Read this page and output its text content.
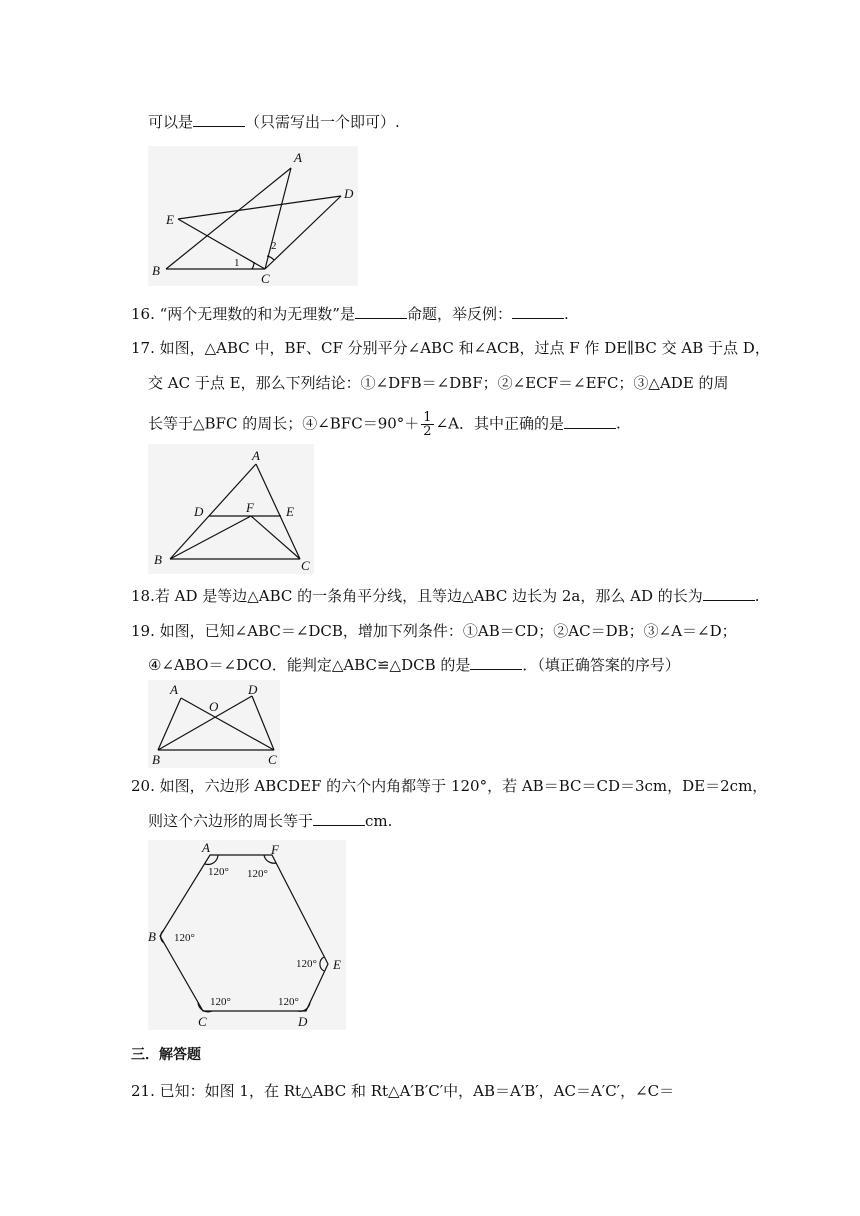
可以是	（只需写出一个即可）.
A
D
E
B
C
1
2
16. “两个无理数的和为无理数”是	命题，举反例：	.
17. 如图，△ABC 中，BF、CF 分别平分∠ABC 和∠ACB，过点 F 作 DE∥BC 交 AB 于点 D，
交 AC 于点 E，那么下列结论：①∠DFB＝∠DBF；②∠ECF＝∠EFC；③△ADE 的周
长等于△BFC 的周长；④∠BFC＝90°＋ $\frac{1}{2}$ ∠A．其中正确的是	.
A
D	F E
B	C
18.若 AD 是等边△ABC 的一条角平分线，且等边△ABC 边长为 2a，那么 AD 的长为	.
19. 如图，已知∠ABC＝∠DCB，增加下列条件：①AB＝CD；②AC＝DB；③∠A＝∠D；
④∠ABO＝∠DCO．能判定△ABC≌△DCB 的是	．（填正确答案的序号）
A	D
O
B	C
20. 如图，六边形 ABCDEF 的六个内角都等于 120°，若 AB＝BC＝CD＝3cm，DE＝2cm，
则这个六边形的周长等于	cm.
A	F
B
E
C	D
120° 120°
120°
120°
120°	120°
三．解答题
21. 已知：如图 1，在 Rt△ABC 和 Rt△A′B′C′中，AB＝A′B′，AC＝A′C′，∠C＝
